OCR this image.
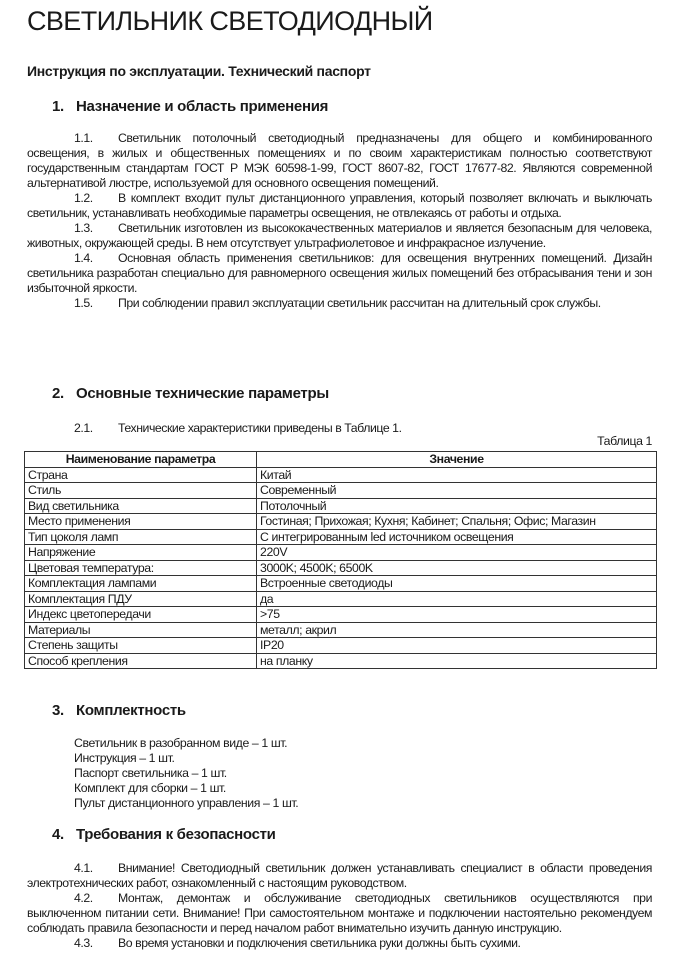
СВЕТИЛЬНИК СВЕТОДИОДНЫЙ
Инструкция по эксплуатации. Технический паспорт
1. Назначение и область применения

1.1. Светильник потолочный светодиодный предназначены для общего и комбинированного освещения, в жилых и общественных помещениях и по своим характеристикам полностью соответствуют государственным стандартам ГОСТ Р МЭК 60598-1-99, ГОСТ 8607-82, ГОСТ 17677-82. Являются современной альтернативой люстре, используемой для основного освещения помещений.

1.2. В комплект входит пульт дистанционного управления, который позволяет включать и выключать светильник, устанавливать необходимые параметры освещения, не отвлекаясь от работы и отдыха.

1.3. Светильник изготовлен из высококачественных материалов и является безопасным для человека, животных, окружающей среды. В нем отсутствует ультрафиолетовое и инфракрасное излучение.

1.4. Основная область применения светильников: для освещения внутренних помещений. Дизайн светильника разработан специально для равномерного освещения жилых помещений без отбрасывания тени и зон избыточной яркости.

1.5. При соблюдении правил эксплуатации светильник рассчитан на длительный срок службы.

2. Основные технические параметры

2.1. Технические характеристики приведены в Таблице 1.

Таблица 1
Наименование параметра	Значение
Страна	Китай
Стиль	Современный
Вид светильника	Потолочный
Место применения	Гостиная; Прихожая; Кухня; Кабинет; Спальня; Офис; Магазин
Тип цоколя ламп	С интегрированным led источником освещения
Напряжение	220V
Цветовая температура:	3000K; 4500K; 6500K
Комплектация лампами	Встроенные светодиоды
Комплектация ПДУ	да
Индекс цветопередачи	>75
Материалы	металл; акрил
Степень защиты	IP20
Способ крепления	на планку
3. Комплектность
Светильник в разобранном виде – 1 шт.
Инструкция – 1 шт.
Паспорт светильника – 1 шт.
Комплект для сборки – 1 шт.
Пульт дистанционного управления – 1 шт.
4. Требования к безопасности

4.1. Внимание! Светодиодный светильник должен устанавливать специалист в области проведения электротехнических работ, ознакомленный с настоящим руководством.

4.2. Монтаж, демонтаж и обслуживание светодиодных светильников осуществляются при выключенном питании сети. Внимание! При самостоятельном монтаже и подключении настоятельно рекомендуем соблюдать правила безопасности и перед началом работ внимательно изучить данную инструкцию.

4.3. Во время установки и подключения светильника руки должны быть сухими.
